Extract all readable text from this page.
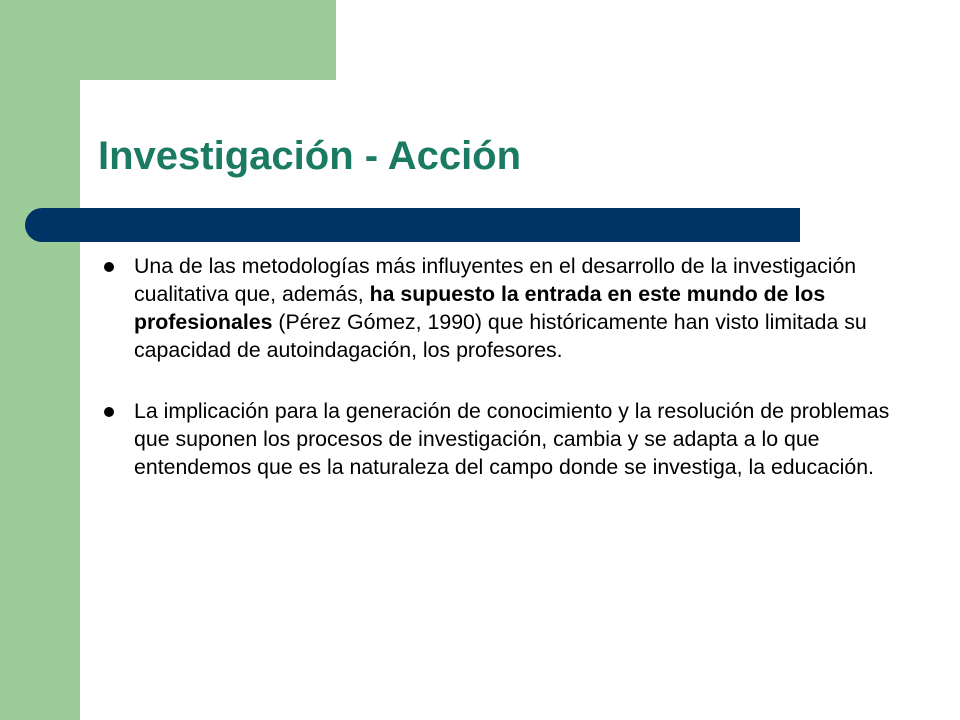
Investigación - Acción
Una de las metodologías más influyentes en el desarrollo de la investigación cualitativa que, además, ha supuesto la entrada en este mundo de los profesionales (Pérez Gómez, 1990) que históricamente han visto limitada su capacidad de autoindagación, los profesores.
La implicación para la generación de conocimiento y la resolución de problemas que suponen los procesos de investigación, cambia y se adapta a lo que entendemos que es la naturaleza del campo donde se investiga, la educación.
